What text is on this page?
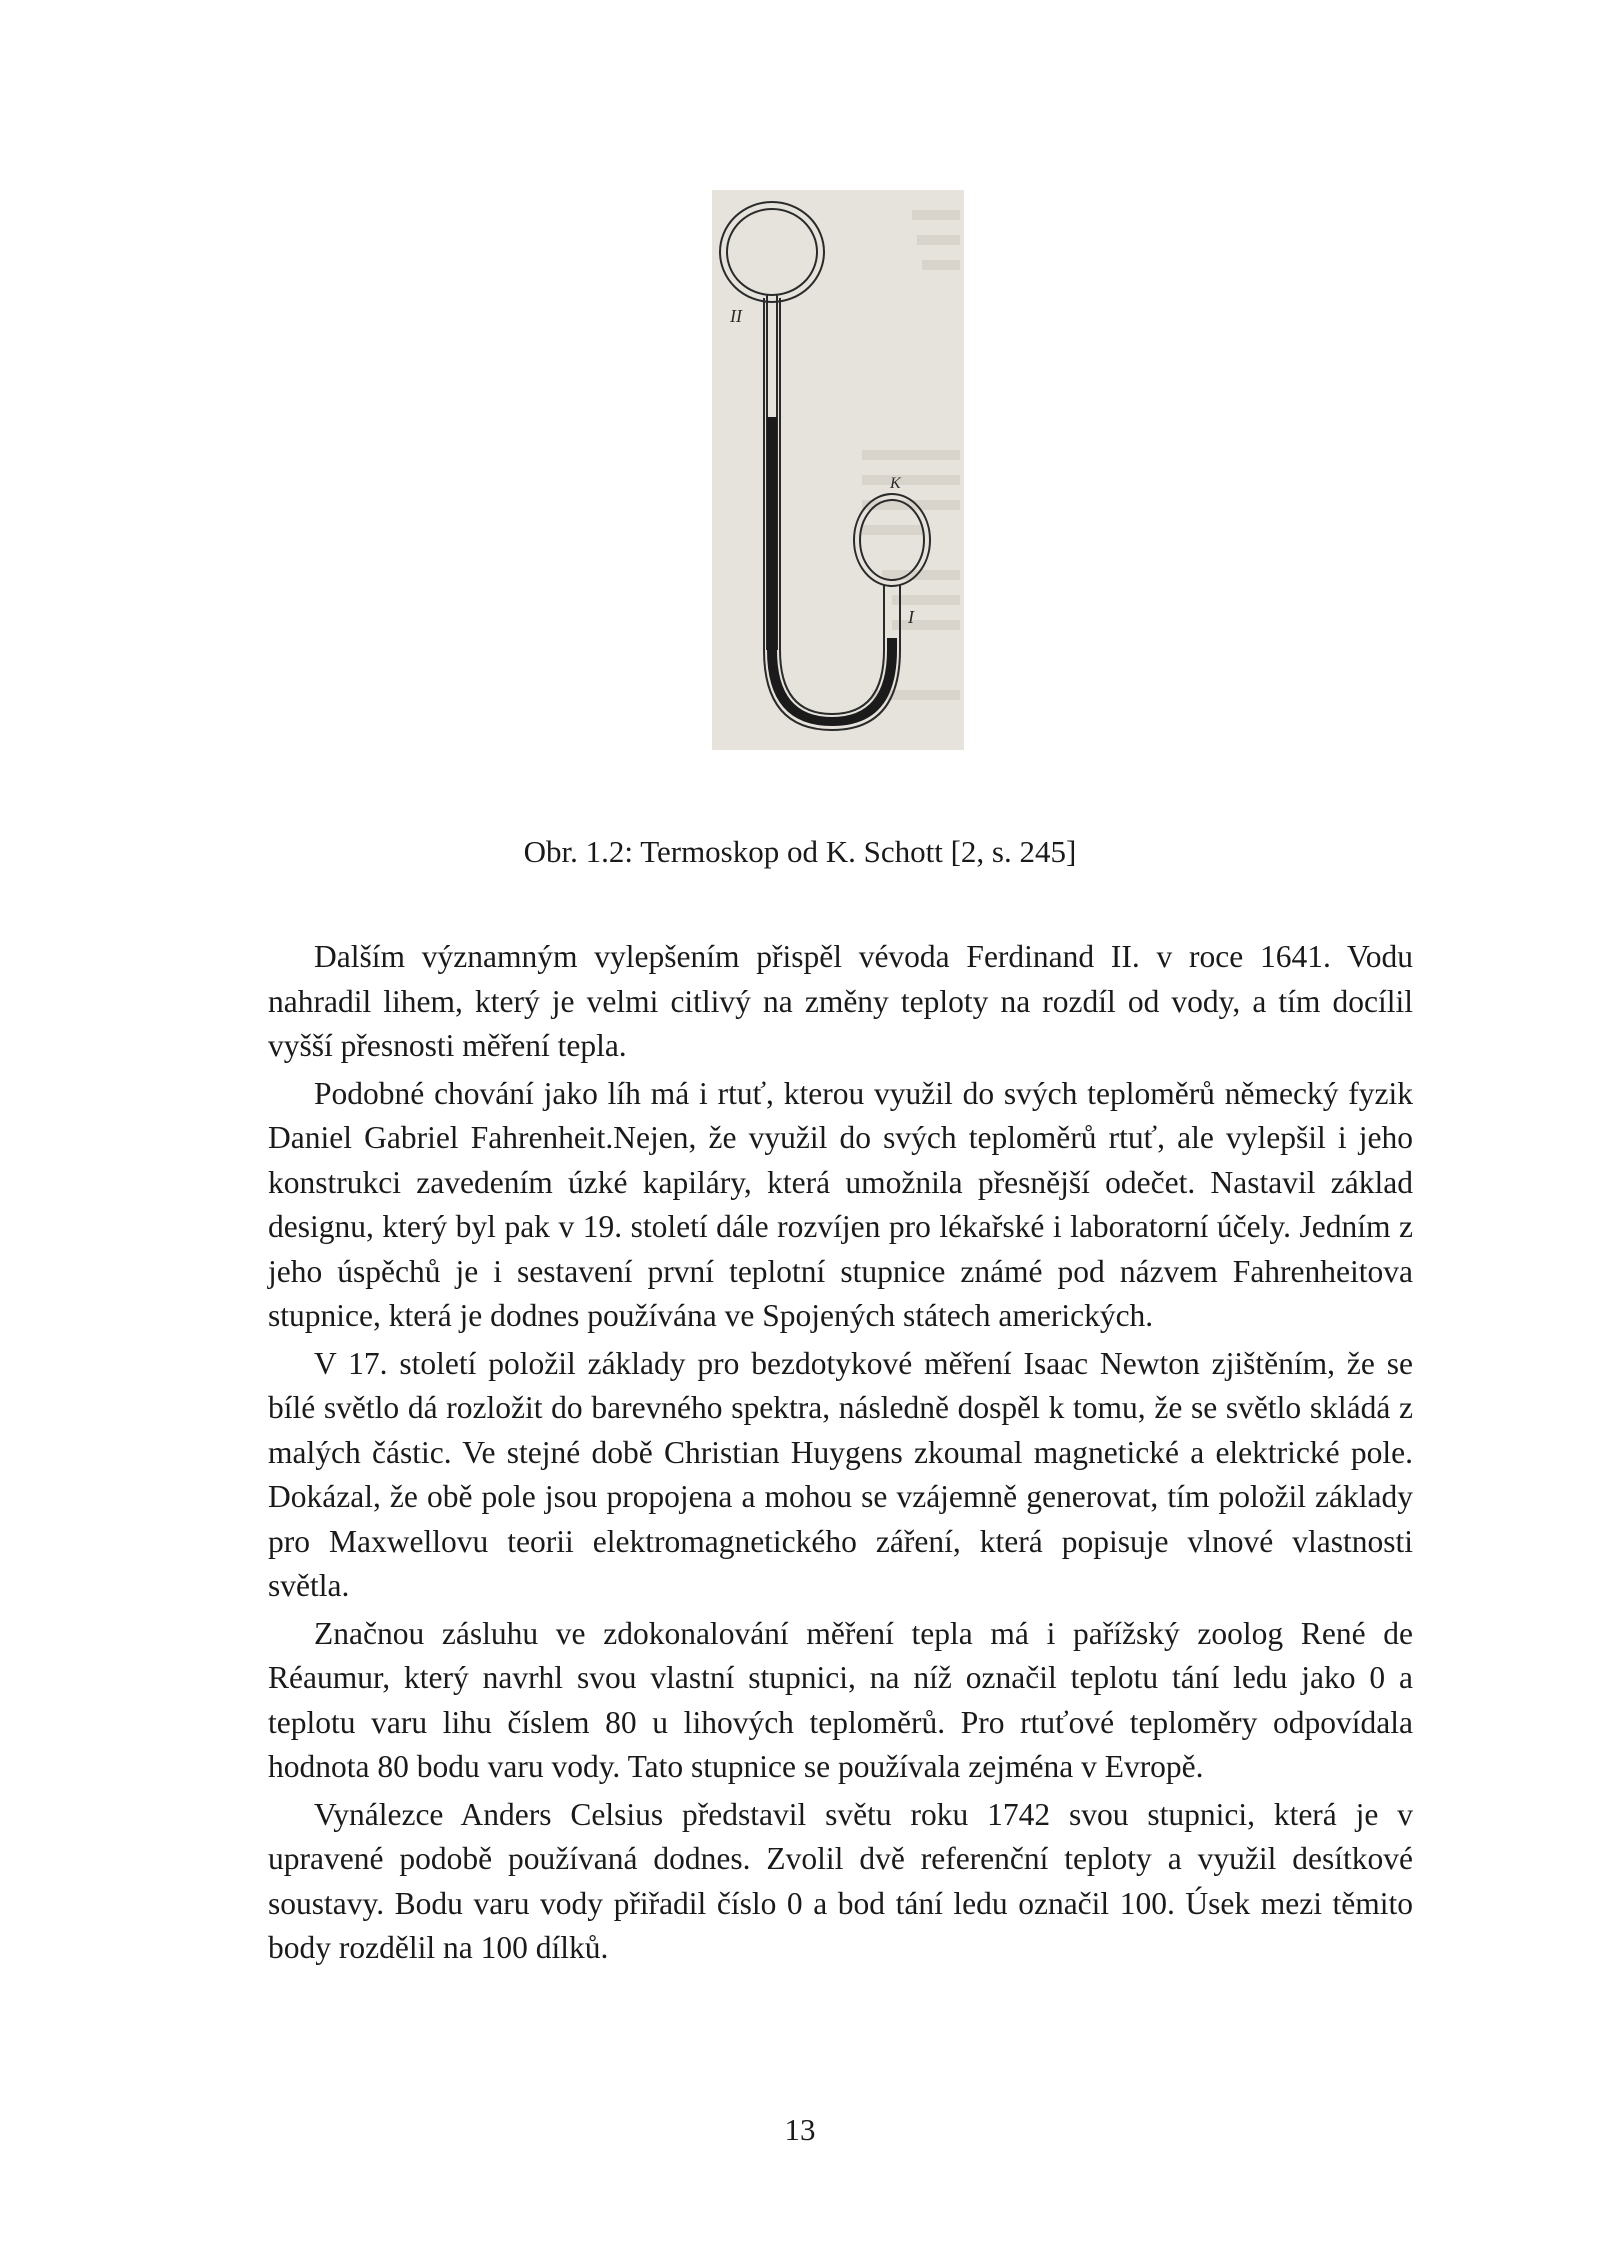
II
K
I
Obr. 1.2: Termoskop od K. Schott [2, s. 245]

Dalším významným vylepšením přispěl vévoda Ferdinand II. v roce 1641. Vodu nahradil lihem, který je velmi citlivý na změny teploty na rozdíl od vody, a tím docílil vyšší přesnosti měření tepla.

Podobné chování jako líh má i rtuť, kterou využil do svých teploměrů německý fyzik Daniel Gabriel Fahrenheit.Nejen, že využil do svých teploměrů rtuť, ale vylepšil i jeho konstrukci zavedením úzké kapiláry, která umožnila přesnější odečet. Nastavil základ designu, který byl pak v 19. století dále rozvíjen pro lékařské i laboratorní účely. Jedním z jeho úspěchů je i sestavení první teplotní stupnice známé pod názvem Fahrenheitova stupnice, která je dodnes používána ve Spojených státech amerických.

V 17. století položil základy pro bezdotykové měření Isaac Newton zjištěním, že se bílé světlo dá rozložit do barevného spektra, následně dospěl k tomu, že se světlo skládá z malých částic. Ve stejné době Christian Huygens zkoumal magnetické a elektrické pole. Dokázal, že obě pole jsou propojena a mohou se vzájemně generovat, tím položil základy pro Maxwellovu teorii elektromagnetického záření, která popisuje vlnové vlastnosti světla.

Značnou zásluhu ve zdokonalování měření tepla má i pařížský zoolog René de Réaumur, který navrhl svou vlastní stupnici, na níž označil teplotu tání ledu jako 0 a teplotu varu lihu číslem 80 u lihových teploměrů. Pro rtuťové teploměry odpovídala hodnota 80 bodu varu vody. Tato stupnice se používala zejména v Evropě.

Vynálezce Anders Celsius představil světu roku 1742 svou stupnici, která je v upravené podobě používaná dodnes. Zvolil dvě referenční teploty a využil desítkové soustavy. Bodu varu vody přiřadil číslo 0 a bod tání ledu označil 100. Úsek mezi těmito body rozdělil na 100 dílků.

13
